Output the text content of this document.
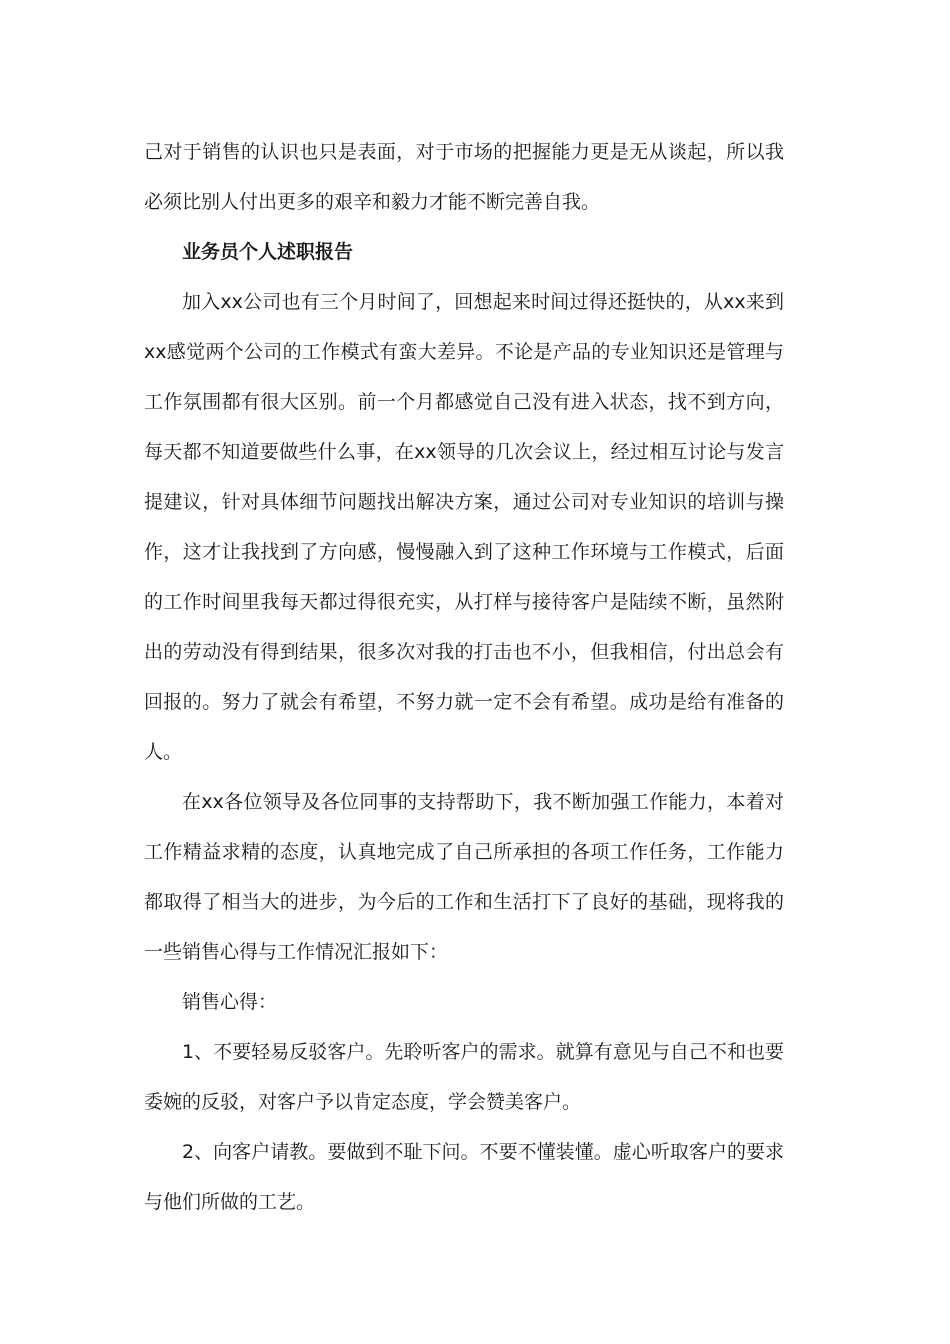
己对于销售的认识也只是表面，对于市场的把握能力更是无从谈起，所以我必须比别人付出更多的艰辛和毅力才能不断完善自我。

业务员个人述职报告

加入xx公司也有三个月时间了，回想起来时间过得还挺快的，从xx来到xx感觉两个公司的工作模式有蛮大差异。不论是产品的专业知识还是管理与工作氛围都有很大区别。前一个月都感觉自己没有进入状态，找不到方向，每天都不知道要做些什么事，在xx领导的几次会议上，经过相互讨论与发言提建议，针对具体细节问题找出解决方案，通过公司对专业知识的培训与操作，这才让我找到了方向感，慢慢融入到了这种工作环境与工作模式，后面的工作时间里我每天都过得很充实，从打样与接待客户是陆续不断，虽然附出的劳动没有得到结果，很多次对我的打击也不小，但我相信，付出总会有回报的。努力了就会有希望，不努力就一定不会有希望。成功是给有准备的人。

在xx各位领导及各位同事的支持帮助下，我不断加强工作能力，本着对工作精益求精的态度，认真地完成了自己所承担的各项工作任务，工作能力都取得了相当大的进步，为今后的工作和生活打下了良好的基础，现将我的一些销售心得与工作情况汇报如下：

销售心得：

1、不要轻易反驳客户。先聆听客户的需求。就算有意见与自己不和也要委婉的反驳，对客户予以肯定态度，学会赞美客户。

2、向客户请教。要做到不耻下问。不要不懂装懂。虚心听取客户的要求与他们所做的工艺。
